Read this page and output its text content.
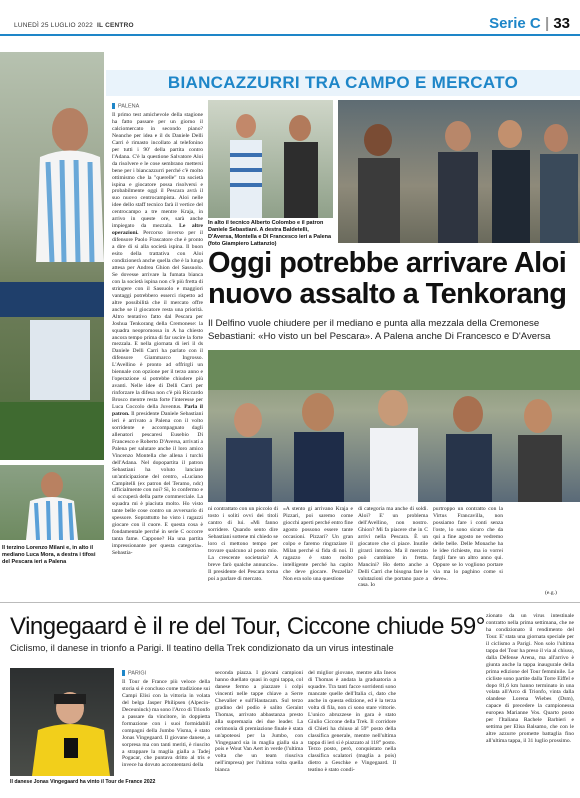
LUNEDÌ 25 LUGLIO 2022 IL CENTRO	Serie C | 33
BIANCAZZURRI TRA CAMPO E MERCATO
PALENA
Il primo test amichevole della stagione ha fatto passare per un giorno il calciomercato in secondo piano? Neanche per idea e il ds Daniele Delli Carri è rimasto incollato al telefonino per tutti i 90' della partita contro l'Adana. C'è la questione Salvatore Aloi da risolvere e le cose sembrano mettersi bene per i biancazzurri perché c'è molto ottimismo che la "querelle" tra società ispina e giocatore possa risolversi e probabilmente oggi il Pescara avrà il suo nuovo centrocampista. Aloi nelle idee dello staff tecnico farà il vertice del centrocampo a tre mentre Kraja, in arrivo in queste ore, sarà anche impiegato da mezzala. Le altre operazioni. Percorso inverso per il difensore Paolo Frascatore che è pronto a dire di sì alla società ispina. Il buon esito della trattativa con Aloi condizionerà anche quella che è la lunga attesa per Andrea Ghion del Sassuolo. Se dovesse arrivare la fumata bianca con la società ispina non c'è più fretta di stringere con il Sassuolo e maggiori vantaggi potrebbero esserci rispetto ad altre possibilità che il mercato offre anche se il giocatore resta una priorità. Altro tentativo fatto dal Pescara per Joshua Tenkorang della Cremonese: la squadra neopromossa in A ha chiesto ancora tempo prima di far uscire la forte mezzala. E nella giornata di ieri il ds Daniele Delli Carri ha parlato con il difensore Giammarco Ingrosso. L'Avellino è pronto ad offrirgli un biennale con opzione per il terzo anno e l'operazione si potrebbe chiudere più avanti. Nelle idee di Delli Carri per rinforzare la difesa non c'è più Riccardo Brosco mentre resta forte l'interesse per Luca Coccolo della Juventus. Parla il patron. Il presidente Daniele Sebastiani ieri è arrivato a Palena con il volto sorridente e accompagnato dagli allenatori pescaresi Eusebio Di Francesco e Roberto D'Aversa, arrivati a Palena per salutare anche il loro amico Vincenzo Montella che allena i turchi dell'Adana. Nel dopopartita il patron Sebastiani ha voluto lanciare un'anticipazione del centro, «Luciano Campitelli (ex patron del Teramo, ndc) ufficialmente con noi? Sì, lo confermo e si occuperà della parte commerciale. La squadra mi è piaciuta molto. Ho visto tante belle cose contro un avversario di spessore. Soprattutto ho visto i ragazzi giocare con il cuore. E questa cosa è fondamentale perché in serie C occorre tanta fame. Cappone? Ha una partita impressionante per questa categoria». Sebastia-
In alto il tecnico Alberto Colombo e il patron Daniele Sebastiani. A destra Baldetelli, D'Aversa, Montella e Di Francesco ieri a Palena (foto Giampiero Lattanzio)
Oggi potrebbe arrivare Aloi
nuovo assalto a Tenkorang
Il Delfino vuole chiudere per il mediano e punta alla mezzala della Cremonese
Sebastiani: «Ho visto un bel Pescara». A Palena anche Di Francesco e D'Aversa
ni contrattato con un piccolo di tosto i soliti ovvi dei titoli cantro di lui. «Mi fanno sorridere. Quando sento dire Sebastiani sottene mi chiedo se loro ci mettono tempo per trovare qualcuno al posto mio. La crescente societaria? A breve farò qualche annuncio». Il presidente del Pescara torna poi a parlare di mercato.
«A stento gi arrivano Kraja e Pizzari, poi saremo come giocchi aperti perché entro fine agosto possono essere tante occasioni. Pizzari? Un gran colpo e faremo ringraziare il Milan perché si fida di noi. Il ragazzo è stato molto intelligente perché ha capito che deve giocare. Pezzella? Non era solo una questione
di categoria ma anche di soldi. Aloi? E' un problema dell'Avellino, non nostro. Ghion? Mi fa piacere che in C arrivi nella Pescara. È un giocatore che ci piace. Inutile girarci intorno. Ma il mercato può cambiare in fretta. Mancini? Ho detto anche a Delli Carri che bisogna fare le valutazioni che portano pace a casa. Io
purtroppo un contratto con la Virtus Francavilla, non possiamo fare i conti senza l'oste, lo sono sicuro che da qui a fine agosto ne vedremo delle belle. Delle Monache ha le idee richieste, ma io vorrei fargli fare un altro anno qui. Oppure se lo vogliono portare via ma lo paghino come si deve».
(e.g.)
Il terzino Lorenzo Milani e, in alto il mediano Luca Mora, a destra i tifosi del Pescara ieri a Palena
Vingegaard è il re del Tour, Ciccone chiude 59°
Ciclismo, il danese in trionfo a Parigi. Il teatino della Trek condizionato da un virus intestinale
Il danese Jonas Vingegaard ha vinto il Tour de France 2022
PARIGI
Il Tour de France più veloce della storia si è concluso come tradizione sui Campi Elisi con la vittoria in volata del belga Jasper Philipsen (Alpecin-Deceuninck) ma sono l'Arco di Trionfo a passare da vincitore, in doppietta formazione con i suoi formidabili compagni della Jumbo Visma, è stato Jonas Vingegaard. Il giovane danese, a sorpresa ma con tanti meriti, è riuscito a strappare la maglia gialla a Tadej Pogacar, che puntava dritto al tris e invece ha dovuto accontentarsi della
seconda piazza. I giovani campioni hanno duellato quasi in ogni tappa, col danese fermo a piazzare i colpi vincenti nelle tappe chiave a Serre Chevalier e sull'Hautacam. Sul terzo gradino del podio è salito Geraint Thomas, arrivato abbastanza presto alla supremazia dei due leader. La cerimonia di premiazione finale è stata un'apoteosi per la Jumbo, con Vingegaard sia in maglia gialla sia a pois e Wout Van Aert in verde (l'ultima volta che un team riusciva nell'impresa) per l'ultima volta quella bianca
del miglior giovane, mentre alla Ineos di Thomas è andata la graduatoria a squadre. Tra tanti facce sorridenti sono mancate quelle dell'Italia ci, dato che anche in questa edizione, ed è la terza volta di fila, non ci sono stare vittorie. L'unico abruzzese in gara è stato Giulio Ciccone della Trek. Il corridore di Chieti ha chiuso al 59° posto della classifica generale, mentre nell'ultima tappa di ieri si è piazzato al 118° posto. Terzo posto, però, conquistato nella classifica scalatori (maglia a pois) dietro a Geschke e Vingegaard. Il teatino è stato condi-
zionato da un virus intestinale contratto nella prima settimana, che ne ha condizionato il rendimento del Tour. E' stata una giornata speciale per il ciclismo a Parigi. Non solo l'ultima tappa del Tour ha preso il via al chiuso, dalla Défense Arena, ma all'arrivo è giunta anche la tappa inaugurale della prima edizione del Tour femminile. Le cicliste sono partite dalla Torre Eiffel e dopo 81,6 km hanno terminato in una volata all'Arco di Trionfo, vinta dalla olandese Lorena Wiebes (Dsm), capace di precedere la campionessa europea Marianne Vos. Quarto posto per l'Italiana Rachele Barbieri e settima per Elisa Balsamo, che con le altre azzurre promette battaglia fino all'ultima tappa, il 31 luglio prossimo.
